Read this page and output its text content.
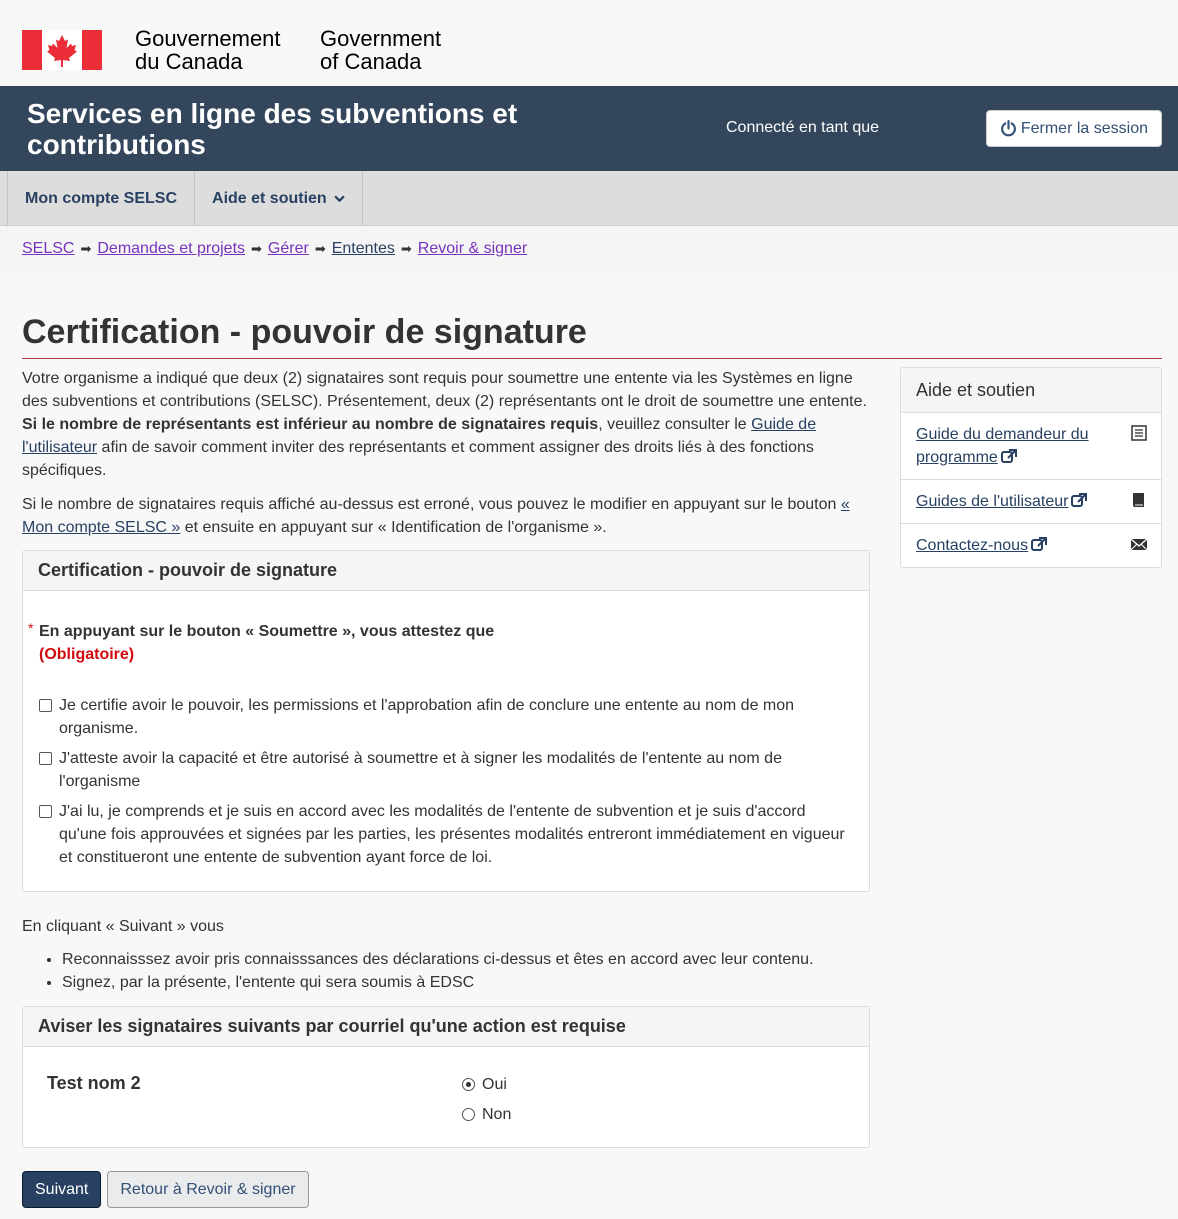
Gouvernement
du Canada
Government
of Canada
Services en ligne des subventions et contributions
Connecté en tant que	Fermer la session
Mon compte SELSC Aide et soutien
SELSC ➡ Demandes et projets ➡ Gérer ➡ Ententes ➡ Revoir & signer
Certification - pouvoir de signature

Votre organisme a indiqué que deux (2) signataires sont requis pour soumettre une entente via les Systèmes en ligne des subventions et contributions (SELSC). Présentement, deux (2) représentants ont le droit de soumettre une entente. Si le nombre de représentants est inférieur au nombre de signataires requis, veuillez consulter le Guide de l'utilisateur afin de savoir comment inviter des représentants et comment assigner des droits liés à des fonctions spécifiques.

Si le nombre de signataires requis affiché au-dessus est erroné, vous pouvez le modifier en appuyant sur le bouton « Mon compte SELSC » et ensuite en appuyant sur « Identification de l'organisme ».

Certification - pouvoir de signature
* En appuyant sur le bouton « Soumettre », vous attestez que
(Obligatoire)
Je certifie avoir le pouvoir, les permissions et l'approbation afin de conclure une entente au nom de mon organisme.
J'atteste avoir la capacité et être autorisé à soumettre et à signer les modalités de l'entente au nom de l'organisme
J'ai lu, je comprends et je suis en accord avec les modalités de l'entente de subvention et je suis d'accord qu'une fois approuvées et signées par les parties, les présentes modalités entreront immédiatement en vigueur et constitueront une entente de subvention ayant force de loi.
En cliquant « Suivant » vous
• Reconnaisssez avoir pris connaisssances des déclarations ci-dessus et êtes en accord avec leur contenu.
• Signez, par la présente, l'entente qui sera soumis à EDSC
Aviser les signataires suivants par courriel qu'une action est requise
Test nom 2	Oui
Non
Suivant	Retour à Revoir & signer
Aide et soutien
Guide du demandeur du programme
Guides de l'utilisateur
Contactez-nous
